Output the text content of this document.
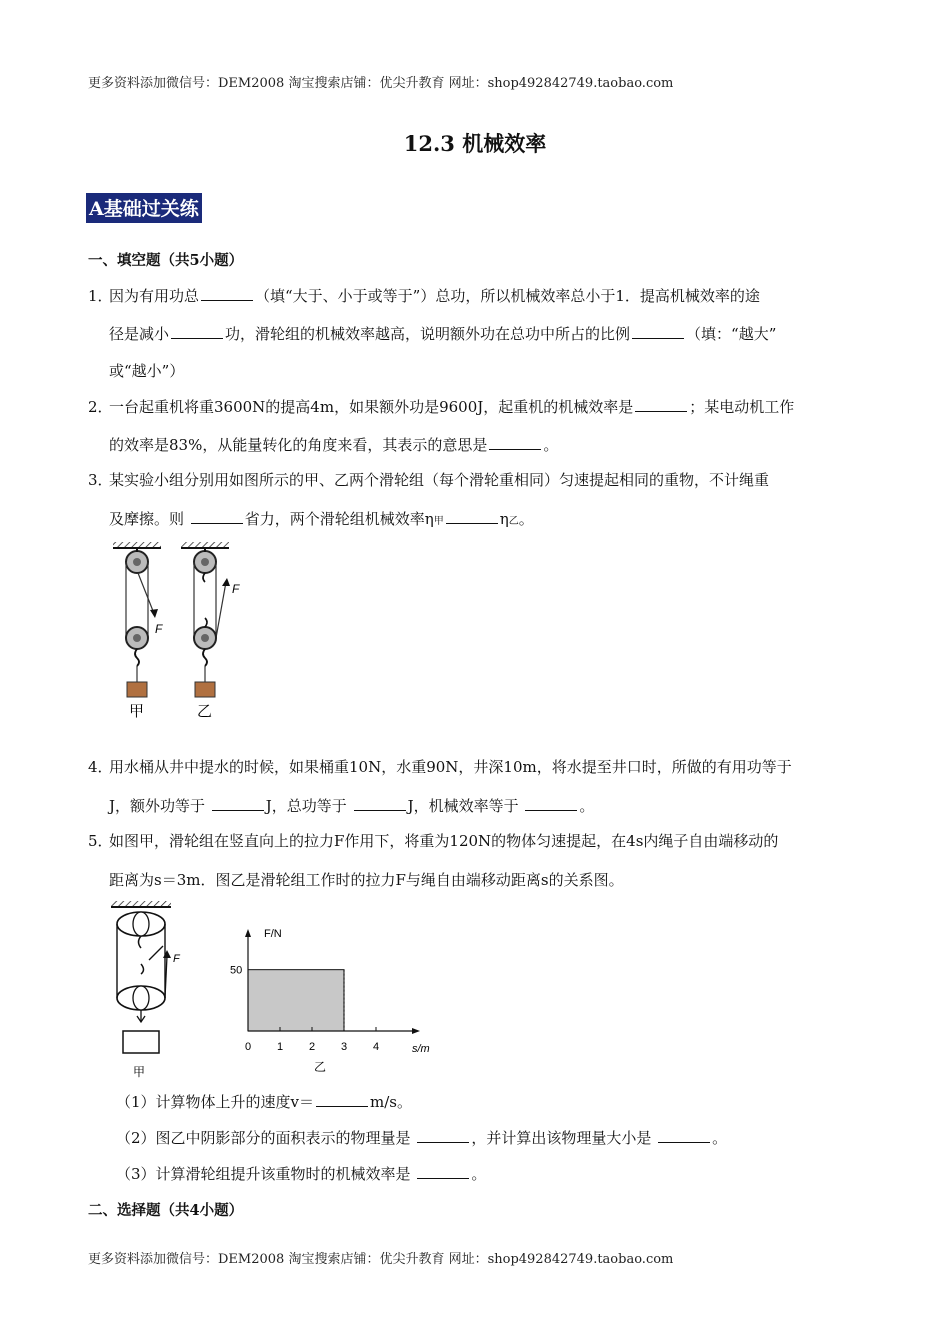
更多资料添加微信号：DEM2008 淘宝搜索店铺：优尖升教育 网址：shop492842749.taobao.com
12.3 机械效率
A基础过关练
一、填空题（共5小题）
1．因为有用功总	（填“大于、小于或等于”）总功，所以机械效率总小于1．提高机械效率的途
径是减小	功，滑轮组的机械效率越高，说明额外功在总功中所占的比例	（填：“越大”
或“越小”）
2．一台起重机将重3600N的提高4m，如果额外功是9600J，起重机的机械效率是	；某电动机工作
的效率是83%，从能量转化的角度来看，其表示的意思是	。
3．某实验小组分别用如图所示的甲、乙两个滑轮组（每个滑轮重相同）匀速提起相同的重物，不计绳重
及摩擦。则	省力，两个滑轮组机械效率η甲	η乙。
F
甲
F
乙
4．用水桶从井中提水的时候，如果桶重10N，水重90N，井深10m，将水提至井口时，所做的有用功等于
J，额外功等于	J，总功等于	J，机械效率等于	。
5．如图甲，滑轮组在竖直向上的拉力F作用下，将重为120N的物体匀速提起，在4s内绳子自由端移动的
距离为s＝3m．图乙是滑轮组工作时的拉力F与绳自由端移动距离s的关系图。
F
甲
0 1 2 3 4
50
F/N
s/m
乙
（1）计算物体上升的速度v＝	m/s。
（2）图乙中阴影部分的面积表示的物理量是	，并计算出该物理量大小是	。
（3）计算滑轮组提升该重物时的机械效率是	。
二、选择题（共4小题）
更多资料添加微信号：DEM2008 淘宝搜索店铺：优尖升教育 网址：shop492842749.taobao.com
